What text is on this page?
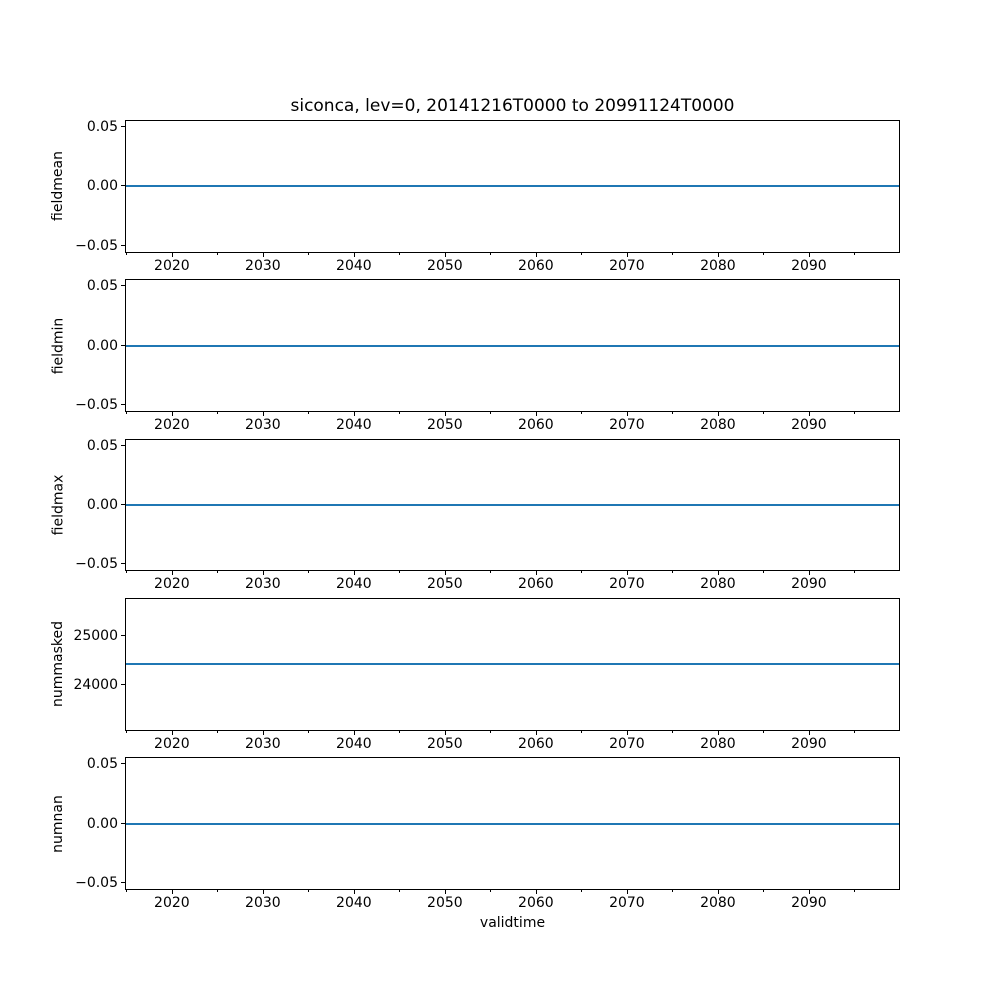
siconca, lev=0, 20141216T0000 to 20991124T0000
validtime
fieldmean
0.05
0.00
−0.05
2020	2030	2040	2050	2060	2070	2080	2090
fieldmin
0.05
0.00
−0.05
2020	2030	2040	2050	2060	2070	2080	2090
fieldmax
0.05
0.00
−0.05
2020	2030	2040	2050	2060	2070	2080	2090
nummasked 25000
24000
2020	2030	2040	2050	2060	2070	2080	2090
numnan
0.05
0.00
−0.05
2020	2030	2040	2050	2060	2070	2080	2090
